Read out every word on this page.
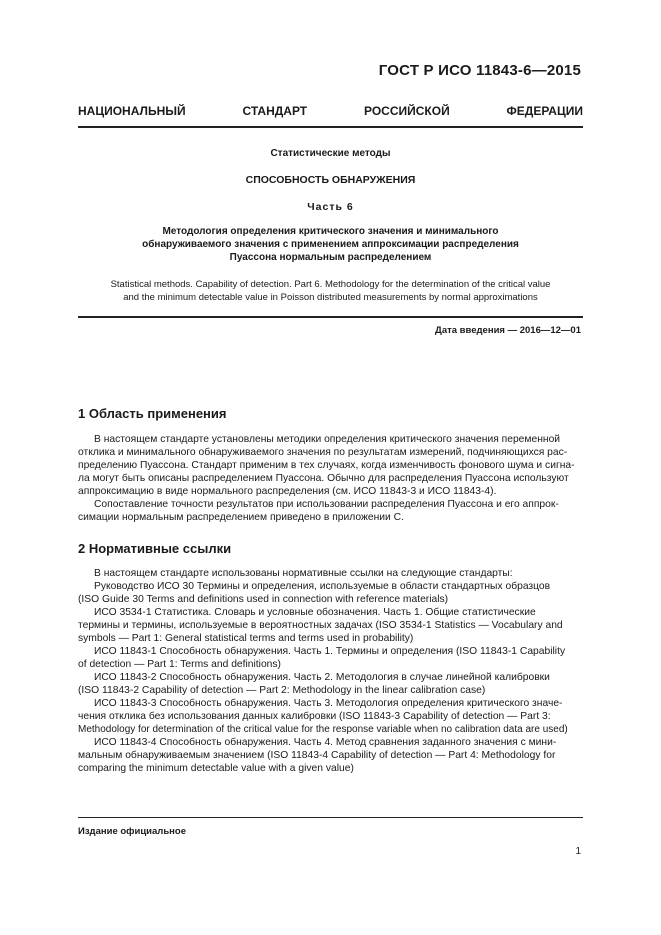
ГОСТ Р ИСО 11843-6—2015
НАЦИОНАЛЬНЫЙ	СТАНДАРТ	РОССИЙСКОЙ	ФЕДЕРАЦИИ
Статистические методы
СПОСОБНОСТЬ ОБНАРУЖЕНИЯ
Часть 6
Методология определения критического значения и минимального
обнаруживаемого значения с применением аппроксимации распределения
Пуассона нормальным распределением
Statistical methods. Capability of detection. Part 6. Methodology for the determination of the critical value
and the minimum detectable value in Poisson distributed measurements by normal approximations
Дата введения — 2016—12—01
1 Область применения
В настоящем стандарте установлены методики определения критического значения переменной
отклика и минимального обнаруживаемого значения по результатам измерений, подчиняющихся рас-
пределению Пуассона. Стандарт применим в тех случаях, когда изменчивость фонового шума и сигна-
ла могут быть описаны распределением Пуассона. Обычно для распределения Пуассона используют
аппроксимацию в виде нормального распределения (см. ИСО 11843-3 и ИСО 11843-4).
Сопоставление точности результатов при использовании распределения Пуассона и его аппрок-
симации нормальным распределением приведено в приложении С.
2 Нормативные ссылки
В настоящем стандарте использованы нормативные ссылки на следующие стандарты:
Руководство ИСО 30 Термины и определения, используемые в области стандартных образцов
(ISO Guide 30 Terms and definitions used in connection with reference materials)
ИСО 3534-1 Статистика. Словарь и условные обозначения. Часть 1. Общие статистические
термины и термины, используемые в вероятностных задачах (ISO 3534-1 Statistics — Vocabulary and
symbols — Part 1: General statistical terms and terms used in probability)
ИСО 11843-1 Способность обнаружения. Часть 1. Термины и определения (ISO 11843-1 Capability
of detection — Part 1: Terms and definitions)
ИСО 11843-2 Способность обнаружения. Часть 2. Методология в случае линейной калибровки
(ISO 11843-2 Capability of detection — Part 2: Methodology in the linear calibration case)
ИСО 11843-3 Способность обнаружения. Часть 3. Методология определения критического значе-
чения отклика без использования данных калибровки (ISO 11843-3 Capability of detection — Part 3:
Methodology for determination of the critical value for the response variable when no calibration data are used)
ИСО 11843-4 Способность обнаружения. Часть 4. Метод сравнения заданного значения с мини-
мальным обнаруживаемым значением (ISO 11843-4 Capability of detection — Part 4: Methodology for
comparing the minimum detectable value with a given value)
Издание официальное
1
